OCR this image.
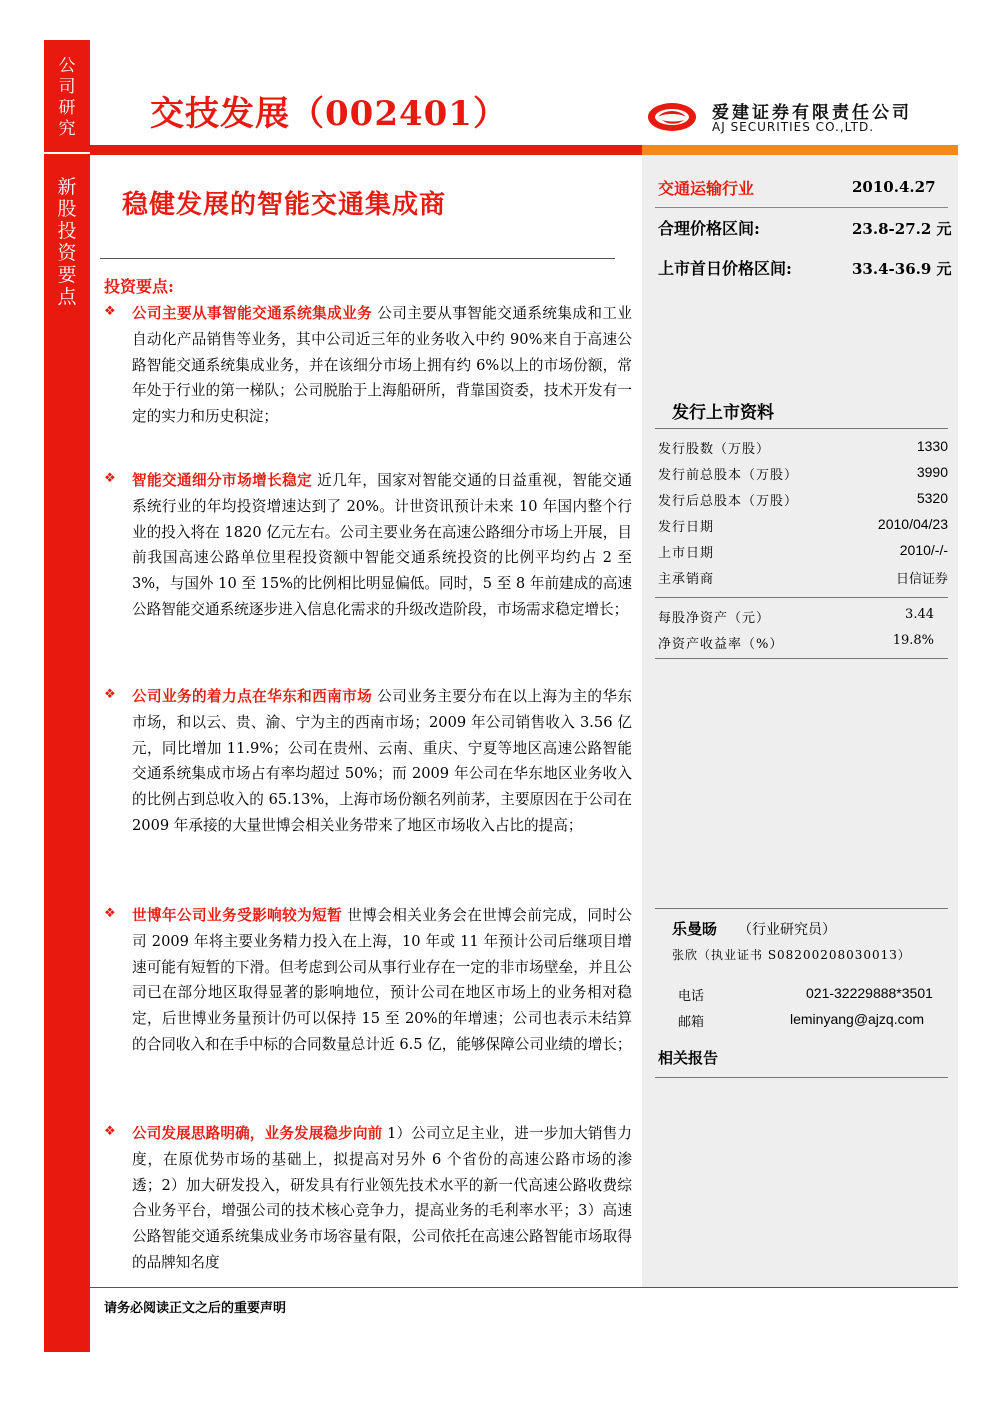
公
司
研
究
新
股
投
资
要
点
交技发展（002401）	爱建证券有限责任公司
AJ SECURITIES CO.,LTD.
稳健发展的智能交通集成商
投资要点:
❖ 公司主要从事智能交通系统集成业务 公司主要从事智能交通系统集成和工业自动化产品销售等业务，其中公司近三年的业务收入中约 90%来自于高速公路智能交通系统集成业务，并在该细分市场上拥有约 6%以上的市场份额，常年处于行业的第一梯队；公司脱胎于上海船研所，背靠国资委，技术开发有一定的实力和历史积淀；
❖ 智能交通细分市场增长稳定 近几年，国家对智能交通的日益重视，智能交通系统行业的年均投资增速达到了 20%。计世资讯预计未来 10 年国内整个行业的投入将在 1820 亿元左右。公司主要业务在高速公路细分市场上开展，目前我国高速公路单位里程投资额中智能交通系统投资的比例平均约占 2 至 3%，与国外 10 至 15%的比例相比明显偏低。同时，5 至 8 年前建成的高速公路智能交通系统逐步进入信息化需求的升级改造阶段，市场需求稳定增长；
❖ 公司业务的着力点在华东和西南市场 公司业务主要分布在以上海为主的华东市场，和以云、贵、渝、宁为主的西南市场；2009 年公司销售收入 3.56 亿元，同比增加 11.9%；公司在贵州、云南、重庆、宁夏等地区高速公路智能交通系统集成市场占有率均超过 50%；而 2009 年公司在华东地区业务收入的比例占到总收入的 65.13%，上海市场份额名列前茅，主要原因在于公司在 2009 年承接的大量世博会相关业务带来了地区市场收入占比的提高；
❖ 世博年公司业务受影响较为短暂 世博会相关业务会在世博会前完成，同时公司 2009 年将主要业务精力投入在上海，10 年或 11 年预计公司后继项目增速可能有短暂的下滑。但考虑到公司从事行业存在一定的非市场壁垒，并且公司已在部分地区取得显著的影响地位，预计公司在地区市场上的业务相对稳定，后世博业务量预计仍可以保持 15 至 20%的年增速；公司也表示未结算的合同收入和在手中标的合同数量总计近 6.5 亿，能够保障公司业绩的增长；
❖ 公司发展思路明确，业务发展稳步向前 1）公司立足主业，进一步加大销售力度，在原优势市场的基础上，拟提高对另外 6 个省份的高速公路市场的渗透；2）加大研发投入，研发具有行业领先技术水平的新一代高速公路收费综合业务平台，增强公司的技术核心竞争力，提高业务的毛利率水平；3）高速公路智能交通系统集成业务市场容量有限，公司依托在高速公路智能市场取得的品牌知名度
交通运输行业	2010.4.27
合理价格区间:	23.8-27.2 元
上市首日价格区间:	33.4-36.9 元
发行上市资料
发行股数（万股）	1330
发行前总股本（万股）	3990
发行后总股本（万股）	5320
发行日期	2010/04/23
上市日期	2010/-/-
主承销商	日信证券
每股净资产（元）	3.44
净资产收益率（%）	19.8%
乐曼旸 （行业研究员）
张欣（执业证书 S0820020803001З）
电话	021-32229888*3501
邮箱	leminyang@ajzq.com
相关报告
请务必阅读正文之后的重要声明
